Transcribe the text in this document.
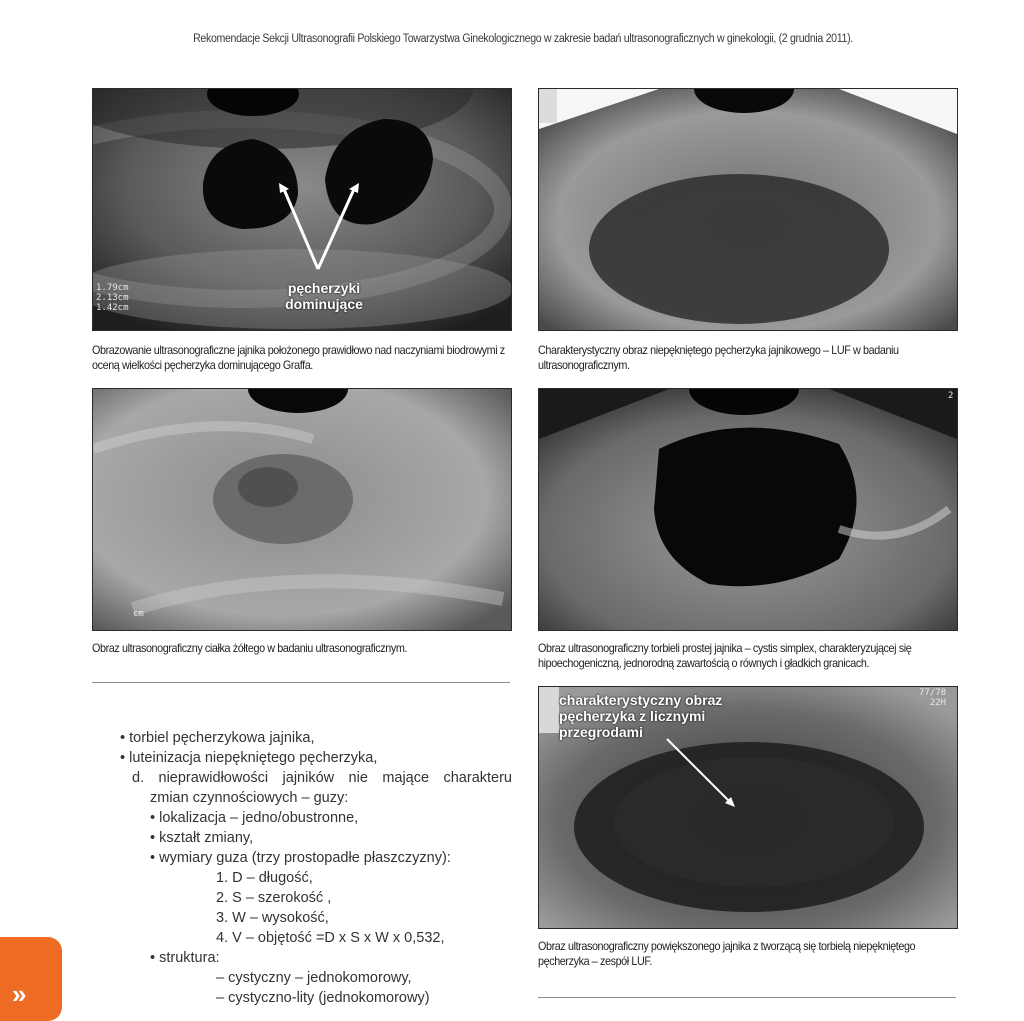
Rekomendacje Sekcji Ultrasonografii Polskiego Towarzystwa Ginekologicznego w zakresie badań ultrasonograficznych w ginekologii, (2 grudnia 2011).
pęcherzyki
dominujące
1.79cm
2.13cm
1.42cm
Obrazowanie ultrasonograficzne jajnika położonego prawidłowo nad naczyniami biodrowymi z oceną wielkości pęcherzyka dominującego Graffa.
Charakterystyczny obraz niepękniętego pęcherzyka jajnikowego – LUF w badaniu ultrasonograficznym.
cm
Obraz ultrasonograficzny ciałka żółtego w badaniu ultrasonograficznym.
2
Obraz ultrasonograficzny torbieli prostej jajnika – cystis simplex, charakteryzującej się hipoechogeniczną, jednorodną zawartością o równych i gładkich granicach.
charakterystyczny obraz
pęcherzyka z licznymi
przegrodami
77/78
22H
Obraz ultrasonograficzny powiększonego jajnika z tworzącą się torbielą niepękniętego pęcherzyka – zespół LUF.
• torbiel pęcherzykowa jajnika,
• luteinizacja niepękniętego pęcherzyka,
d. nieprawidłowości jajników nie mające charakteru
zmian czynnościowych – guzy:
• lokalizacja – jedno/obustronne,
• kształt zmiany,
• wymiary guza (trzy prostopadłe płaszczyzny):
1. D – długość,
2. S – szerokość ,
3. W – wysokość,
4. V – objętość =D x S x W x 0,532,
• struktura:
– cystyczny – jednokomorowy,
– cystyczno-lity (jednokomorowy)
»
